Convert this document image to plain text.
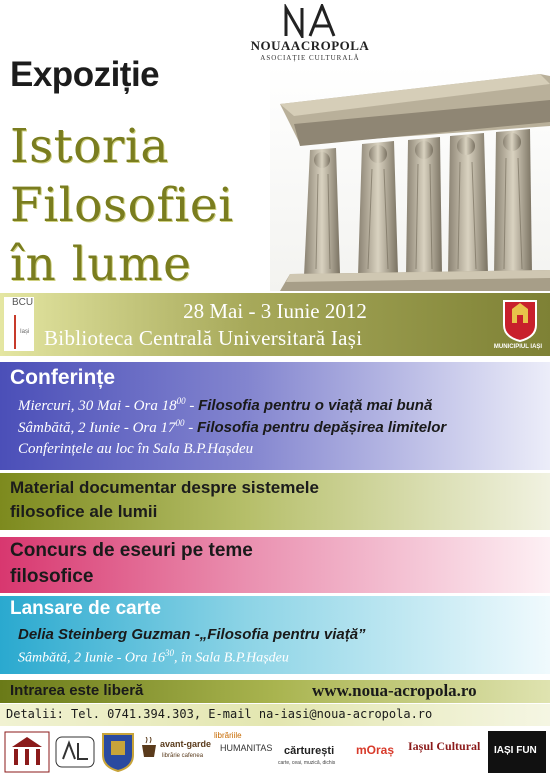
NOUAACROPOLA
ASOCIAȚIE CULTURALĂ
Expoziție
Istoria
Filosofiei
în lume
BCU
Iași
28 Mai - 3 Iunie 2012
Biblioteca Centrală Universitară Iași	MUNICIPIUL IAȘI
Conferințe
Miercuri, 30 Mai - Ora $18^{00}$ - Filosofia pentru o viață mai bună
Sâmbătă, 2 Iunie - Ora $17^{00}$ - Filosofia pentru depășirea limitelor
Conferințele au loc în Sala B.P.Hașdeu
Material documentar despre sistemele
filosofice ale lumii
Concurs de eseuri pe teme
filosofice
Lansare de carte
Delia Steinberg Guzman -„Filosofia pentru viață”
Sâmbătă, 2 Iunie - Ora $16^{30}$, în Sala B.P.Hașdeu
Intrarea este liberă	www.noua-acropola.ro
Detalii: Tel. 0741.394.303, E-mail na-iasi@noua-acropola.ro
avant-garde
librărie cafenea
librăriile
HUMANITAS cărturești
carte, ceai, muzică, dichis
mOraș Iașul Cultural IAȘI FUN
